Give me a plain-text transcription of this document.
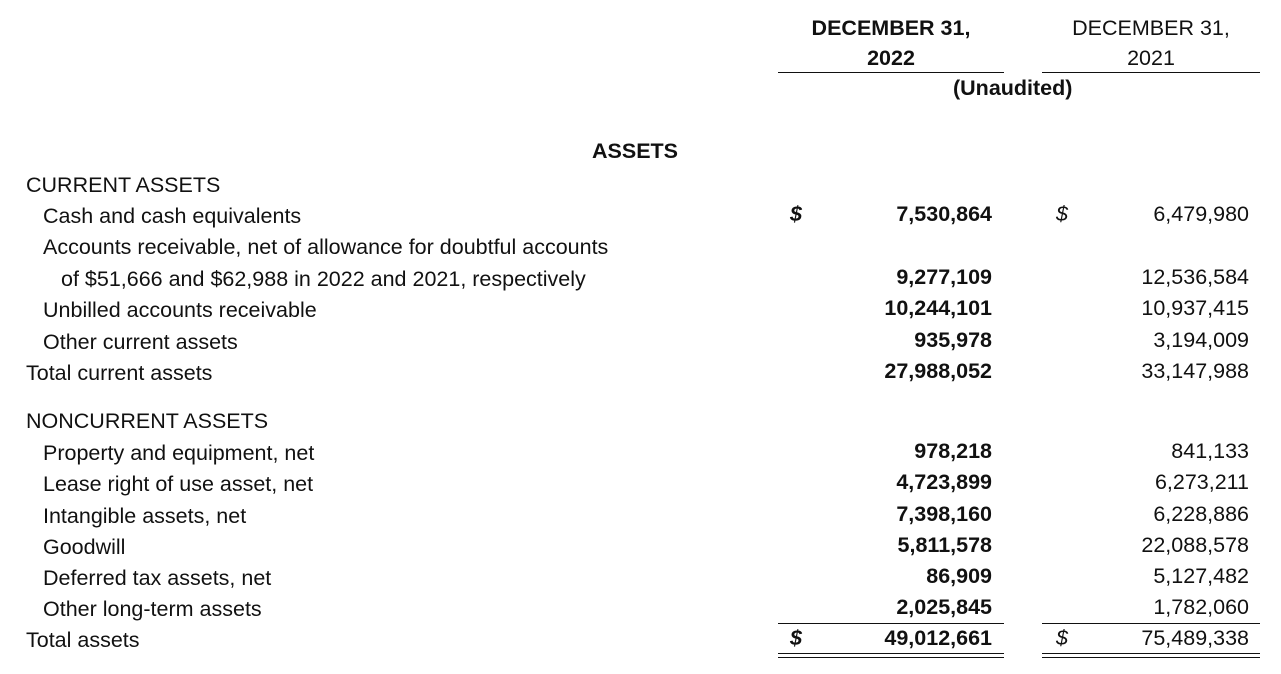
DECEMBER 31,
2022
DECEMBER 31,
2021
(Unaudited)
ASSETS
CURRENT ASSETS
Cash and cash equivalents	$	7,530,864	$	6,479,980
Accounts receivable, net of allowance for doubtful accounts
of $51,666 and $62,988 in 2022 and 2021, respectively	9,277,109	12,536,584
Unbilled accounts receivable	10,244,101	10,937,415
Other current assets	935,978	3,194,009
Total current assets	27,988,052	33,147,988
NONCURRENT ASSETS
Property and equipment, net	978,218	841,133
Lease right of use asset, net	4,723,899	6,273,211
Intangible assets, net	7,398,160	6,228,886
Goodwill	5,811,578	22,088,578
Deferred tax assets, net	86,909	5,127,482
Other long-term assets	2,025,845	1,782,060
Total assets	$	49,012,661	$	75,489,338
